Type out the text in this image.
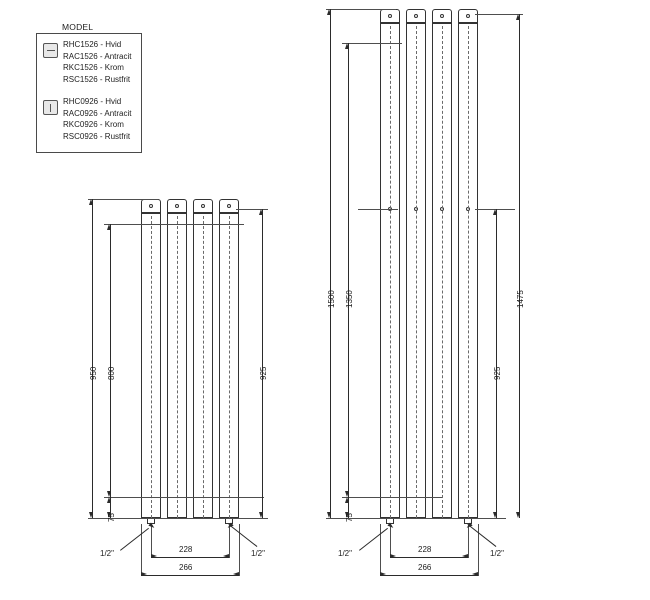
MODEL
RHC1526 - Hvid
RAC1526 - Antracit
RKC1526 - Krom
RSC1526 - Rustfrit
RHC0926 - Hvid
RAC0926 - Antracit
RKC0926 - Krom
RSC0926 - Rustfrit
950 800
75
925
228
266
1/2"	1/2"
1500 1350
75
925
1475
228
266
1/2"	1/2"
